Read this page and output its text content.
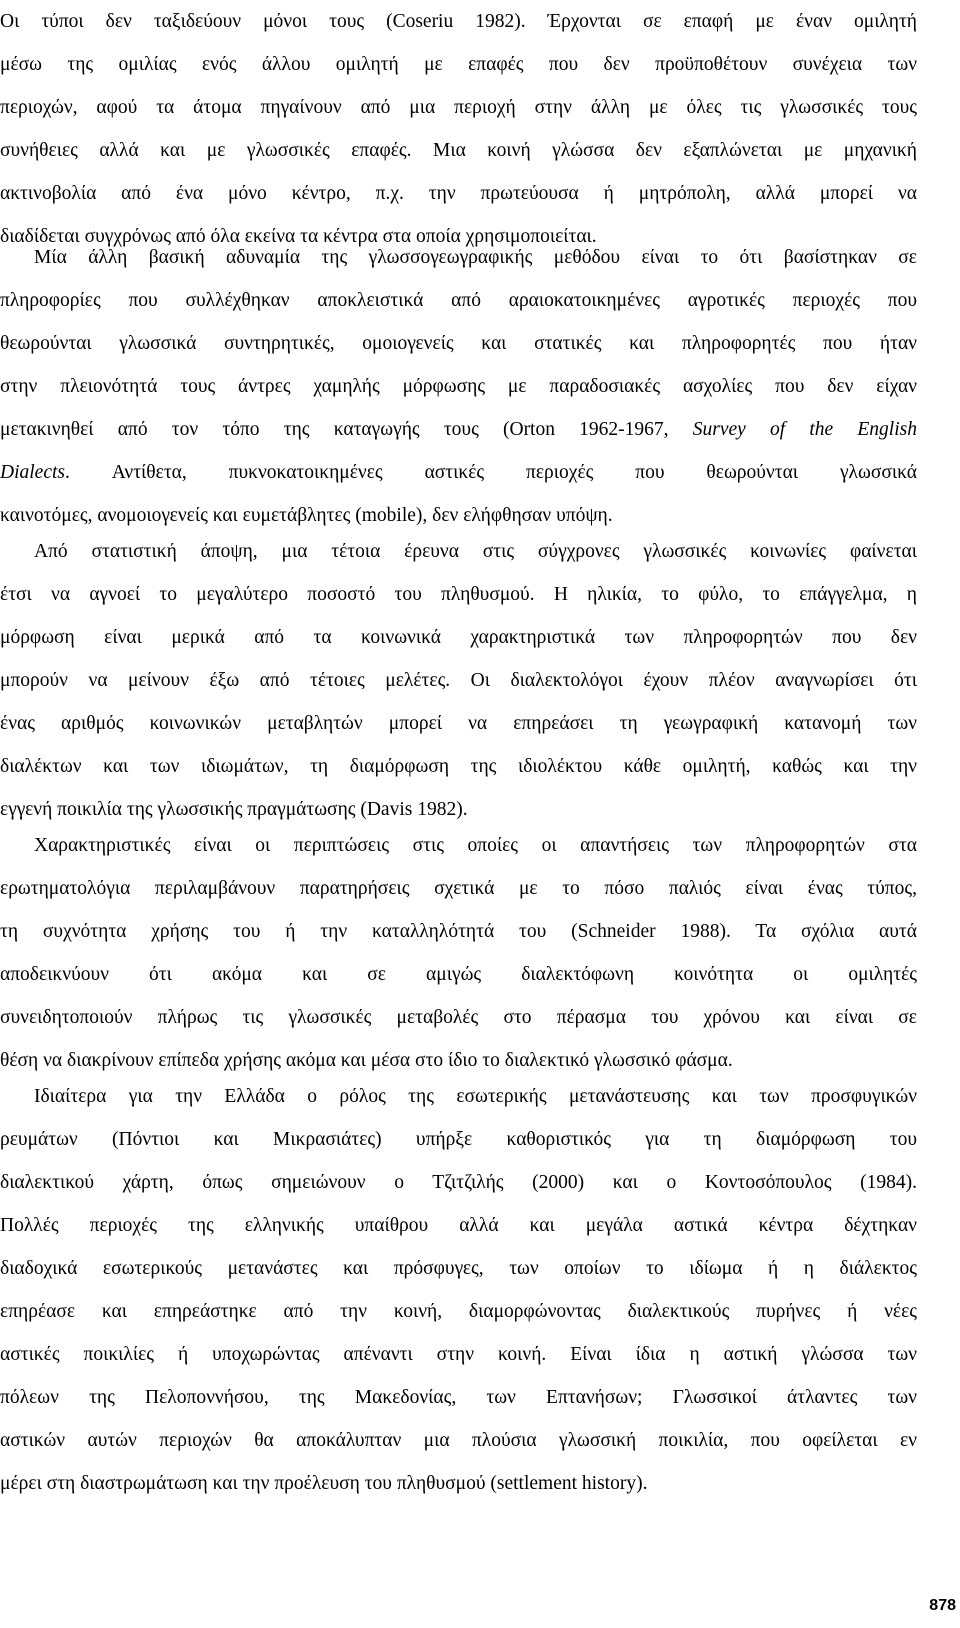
Οι τύποι δεν ταξιδεύουν μόνοι τους (Coseriu 1982). Έρχονται σε επαφή με έναν ομιλητή
μέσω της ομιλίας ενός άλλου ομιλητή με επαφές που δεν προϋποθέτουν συνέχεια των
περιοχών, αφού τα άτομα πηγαίνουν από μια περιοχή στην άλλη με όλες τις γλωσσικές τους
συνήθειες αλλά και με γλωσσικές επαφές. Μια κοινή γλώσσα δεν εξαπλώνεται με μηχανική
ακτινοβολία από ένα μόνο κέντρο, π.χ. την πρωτεύουσα ή μητρόπολη, αλλά μπορεί να
διαδίδεται συγχρόνως από όλα εκείνα τα κέντρα στα οποία χρησιμοποιείται.

Μία άλλη βασική αδυναμία της γλωσσογεωγραφικής μεθόδου είναι το ότι βασίστηκαν σε
πληροφορίες που συλλέχθηκαν αποκλειστικά από αραιοκατοικημένες αγροτικές περιοχές που
θεωρούνται γλωσσικά συντηρητικές, ομοιογενείς και στατικές και πληροφορητές που ήταν
στην πλειονότητά τους άντρες χαμηλής μόρφωσης με παραδοσιακές ασχολίες που δεν είχαν
μετακινηθεί από τον τόπο της καταγωγής τους (Orton 1962-1967, Survey of the English
Dialects. Αντίθετα, πυκνοκατοικημένες αστικές περιοχές που θεωρούνται γλωσσικά
καινοτόμες, ανομοιογενείς και ευμετάβλητες (mobile), δεν ελήφθησαν υπόψη.

Από στατιστική άποψη, μια τέτοια έρευνα στις σύγχρονες γλωσσικές κοινωνίες φαίνεται
έτσι να αγνοεί το μεγαλύτερο ποσοστό του πληθυσμού. Η ηλικία, το φύλο, το επάγγελμα, η
μόρφωση είναι μερικά από τα κοινωνικά χαρακτηριστικά των πληροφορητών που δεν
μπορούν να μείνουν έξω από τέτοιες μελέτες. Οι διαλεκτολόγοι έχουν πλέον αναγνωρίσει ότι
ένας αριθμός κοινωνικών μεταβλητών μπορεί να επηρεάσει τη γεωγραφική κατανομή των
διαλέκτων και των ιδιωμάτων, τη διαμόρφωση της ιδιολέκτου κάθε ομιλητή, καθώς και την
εγγενή ποικιλία της γλωσσικής πραγμάτωσης (Davis 1982).

Χαρακτηριστικές είναι οι περιπτώσεις στις οποίες οι απαντήσεις των πληροφορητών στα
ερωτηματολόγια περιλαμβάνουν παρατηρήσεις σχετικά με το πόσο παλιός είναι ένας τύπος,
τη συχνότητα χρήσης του ή την καταλληλότητά του (Schneider 1988). Τα σχόλια αυτά
αποδεικνύουν ότι ακόμα και σε αμιγώς διαλεκτόφωνη κοινότητα οι ομιλητές
συνειδητοποιούν πλήρως τις γλωσσικές μεταβολές στο πέρασμα του χρόνου και είναι σε
θέση να διακρίνουν επίπεδα χρήσης ακόμα και μέσα στο ίδιο το διαλεκτικό γλωσσικό φάσμα.

Ιδιαίτερα για την Ελλάδα ο ρόλος της εσωτερικής μετανάστευσης και των προσφυγικών
ρευμάτων (Πόντιοι και Μικρασιάτες) υπήρξε καθοριστικός για τη διαμόρφωση του
διαλεκτικού χάρτη, όπως σημειώνουν ο Τζιτζιλής (2000) και ο Κοντοσόπουλος (1984).
Πολλές περιοχές της ελληνικής υπαίθρου αλλά και μεγάλα αστικά κέντρα δέχτηκαν
διαδοχικά εσωτερικούς μετανάστες και πρόσφυγες, των οποίων το ιδίωμα ή η διάλεκτος
επηρέασε και επηρεάστηκε από την κοινή, διαμορφώνοντας διαλεκτικούς πυρήνες ή νέες
αστικές ποικιλίες ή υποχωρώντας απέναντι στην κοινή. Είναι ίδια η αστική γλώσσα των
πόλεων της Πελοποννήσου, της Μακεδονίας, των Επτανήσων; Γλωσσικοί άτλαντες των
αστικών αυτών περιοχών θα αποκάλυπταν μια πλούσια γλωσσική ποικιλία, που οφείλεται εν
μέρει στη διαστρωμάτωση και την προέλευση του πληθυσμού (settlement history).

878
